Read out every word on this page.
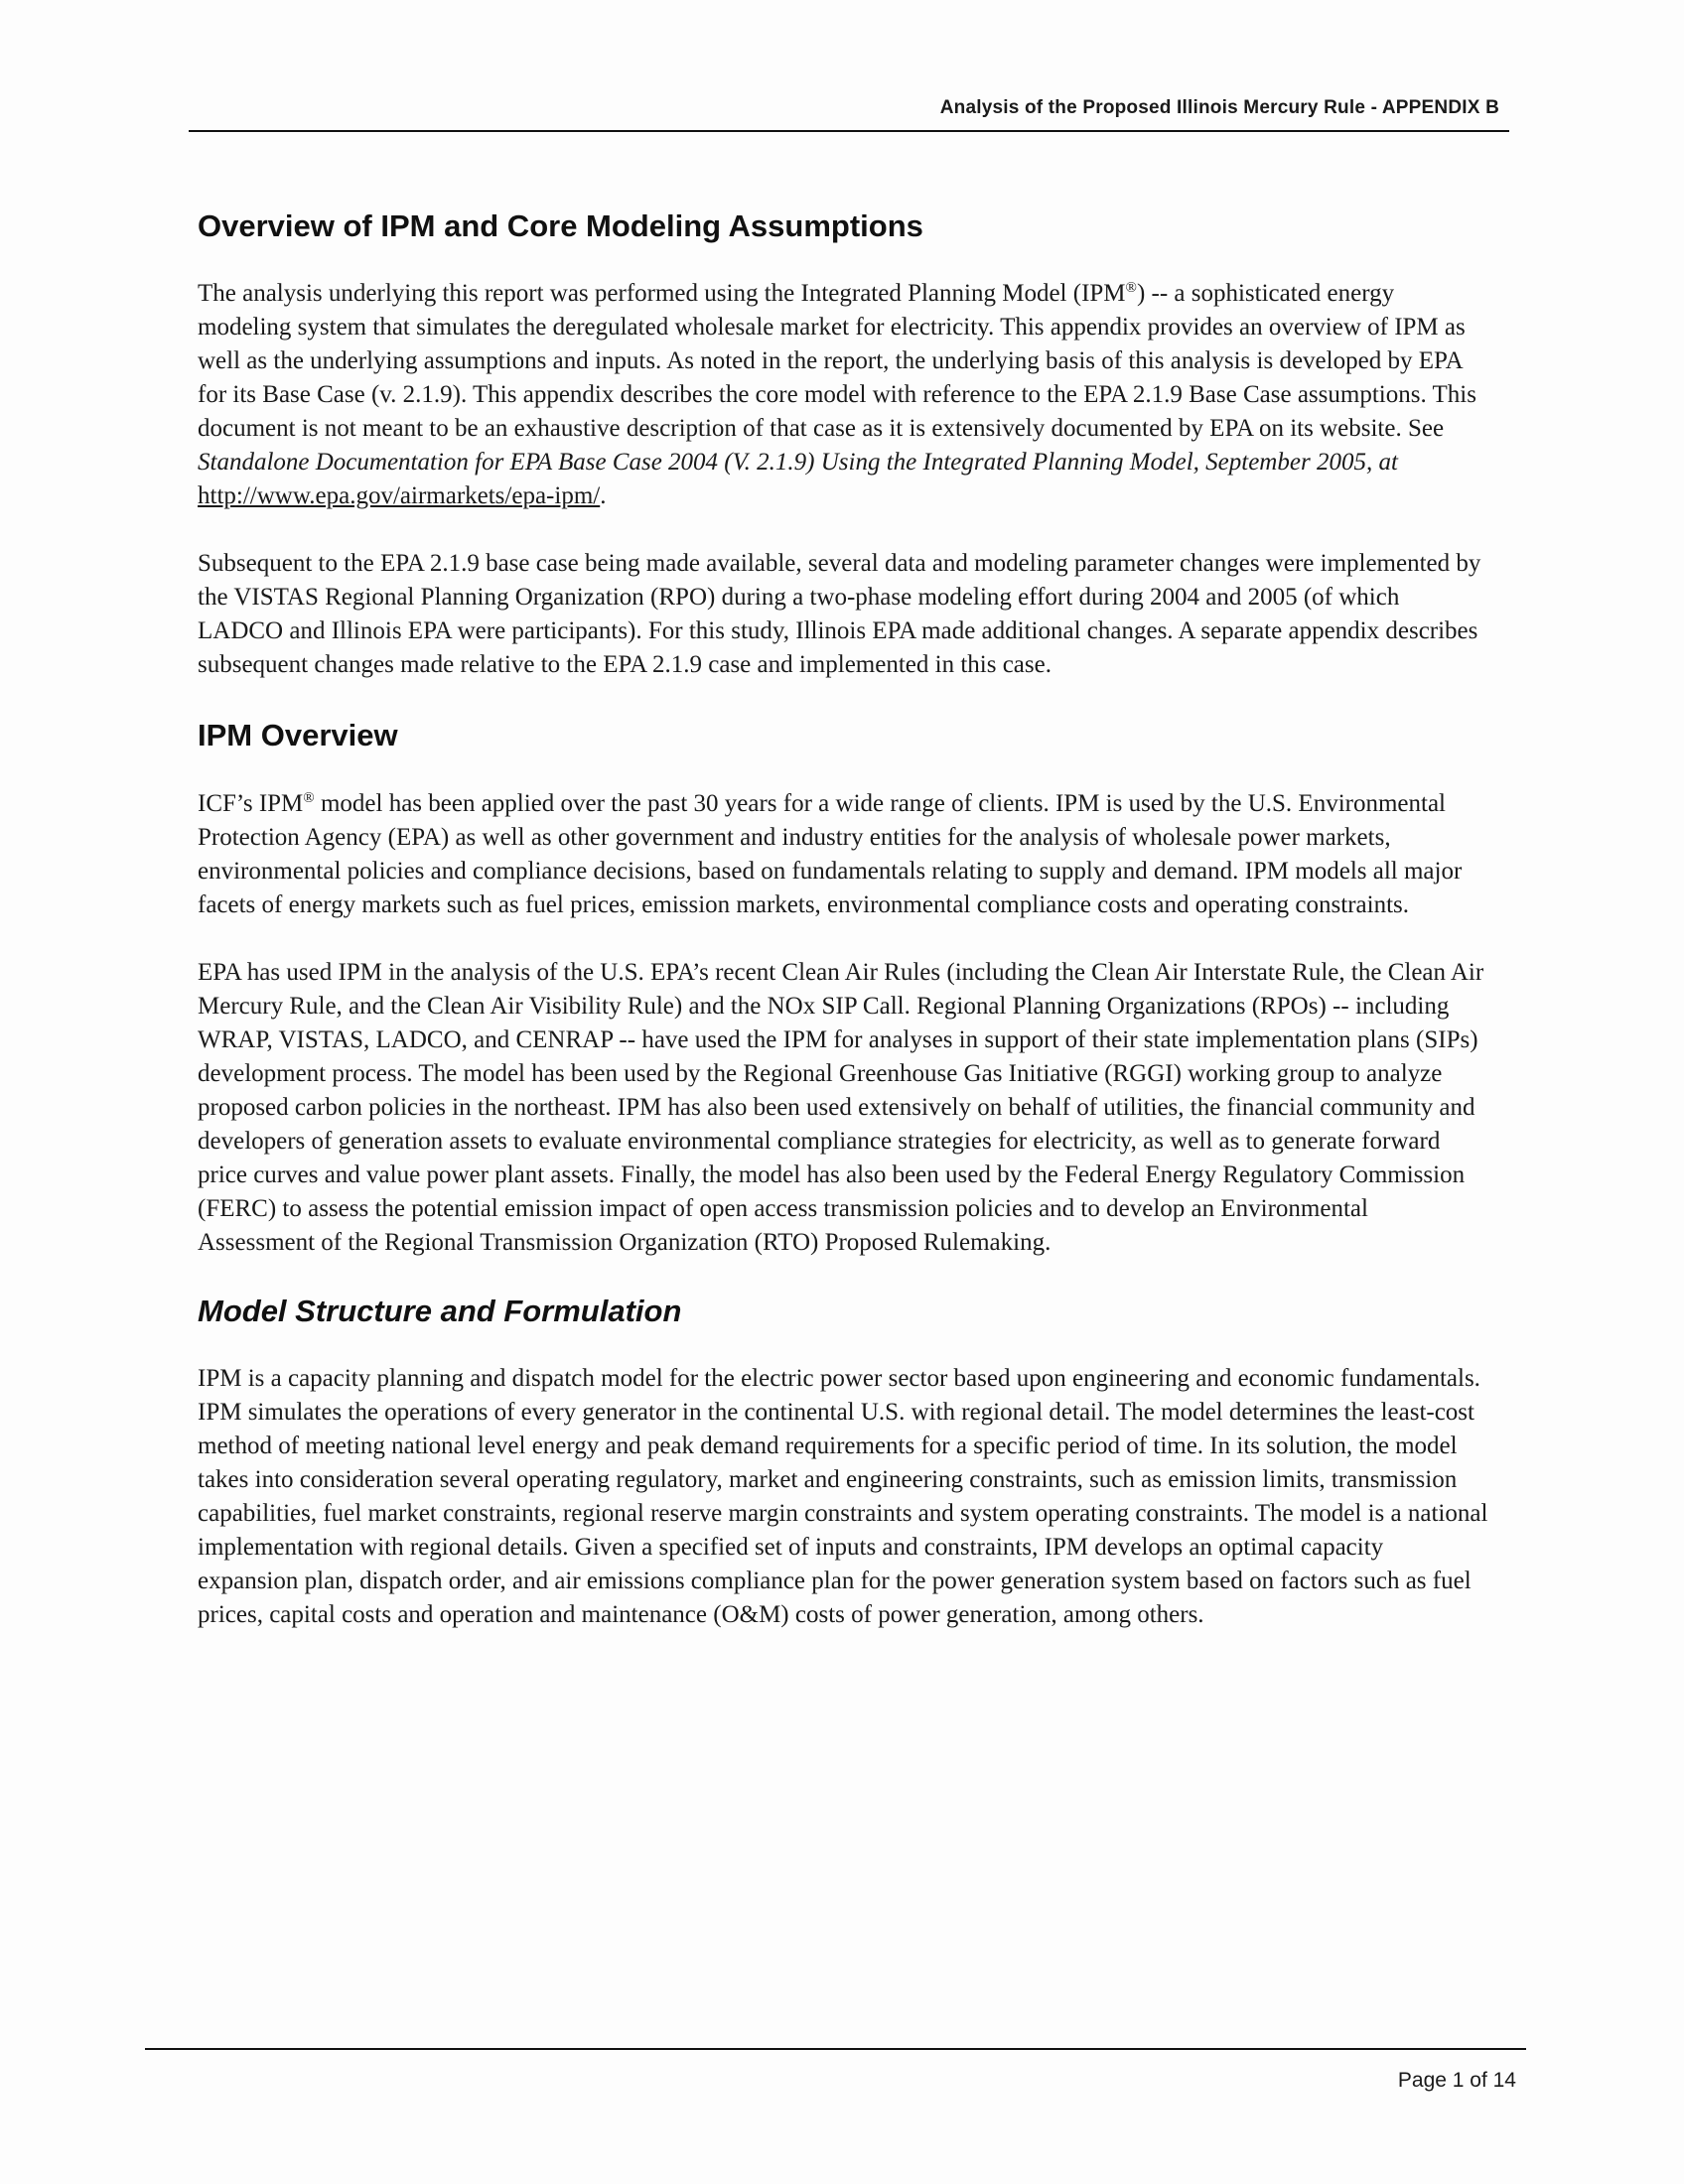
Analysis of the Proposed Illinois Mercury Rule - APPENDIX B
Overview of IPM and Core Modeling Assumptions

The analysis underlying this report was performed using the Integrated Planning Model (IPM®) -- a sophisticated energy modeling system that simulates the deregulated wholesale market for electricity. This appendix provides an overview of IPM as well as the underlying assumptions and inputs. As noted in the report, the underlying basis of this analysis is developed by EPA for its Base Case (v. 2.1.9). This appendix describes the core model with reference to the EPA 2.1.9 Base Case assumptions. This document is not meant to be an exhaustive description of that case as it is extensively documented by EPA on its website. See Standalone Documentation for EPA Base Case 2004 (V. 2.1.9) Using the Integrated Planning Model, September 2005, at http://www.epa.gov/airmarkets/epa-ipm/.

Subsequent to the EPA 2.1.9 base case being made available, several data and modeling parameter changes were implemented by the VISTAS Regional Planning Organization (RPO) during a two-phase modeling effort during 2004 and 2005 (of which LADCO and Illinois EPA were participants). For this study, Illinois EPA made additional changes. A separate appendix describes subsequent changes made relative to the EPA 2.1.9 case and implemented in this case.

IPM Overview

ICF’s IPM® model has been applied over the past 30 years for a wide range of clients. IPM is used by the U.S. Environmental Protection Agency (EPA) as well as other government and industry entities for the analysis of wholesale power markets, environmental policies and compliance decisions, based on fundamentals relating to supply and demand. IPM models all major facets of energy markets such as fuel prices, emission markets, environmental compliance costs and operating constraints.

EPA has used IPM in the analysis of the U.S. EPA’s recent Clean Air Rules (including the Clean Air Interstate Rule, the Clean Air Mercury Rule, and the Clean Air Visibility Rule) and the NOx SIP Call. Regional Planning Organizations (RPOs) -- including WRAP, VISTAS, LADCO, and CENRAP -- have used the IPM for analyses in support of their state implementation plans (SIPs) development process. The model has been used by the Regional Greenhouse Gas Initiative (RGGI) working group to analyze proposed carbon policies in the northeast. IPM has also been used extensively on behalf of utilities, the financial community and developers of generation assets to evaluate environmental compliance strategies for electricity, as well as to generate forward price curves and value power plant assets. Finally, the model has also been used by the Federal Energy Regulatory Commission (FERC) to assess the potential emission impact of open access transmission policies and to develop an Environmental Assessment of the Regional Transmission Organization (RTO) Proposed Rulemaking.

Model Structure and Formulation

IPM is a capacity planning and dispatch model for the electric power sector based upon engineering and economic fundamentals. IPM simulates the operations of every generator in the continental U.S. with regional detail. The model determines the least-cost method of meeting national level energy and peak demand requirements for a specific period of time. In its solution, the model takes into consideration several operating regulatory, market and engineering constraints, such as emission limits, transmission capabilities, fuel market constraints, regional reserve margin constraints and system operating constraints. The model is a national implementation with regional details. Given a specified set of inputs and constraints, IPM develops an optimal capacity expansion plan, dispatch order, and air emissions compliance plan for the power generation system based on factors such as fuel prices, capital costs and operation and maintenance (O&M) costs of power generation, among others.

Page 1 of 14
